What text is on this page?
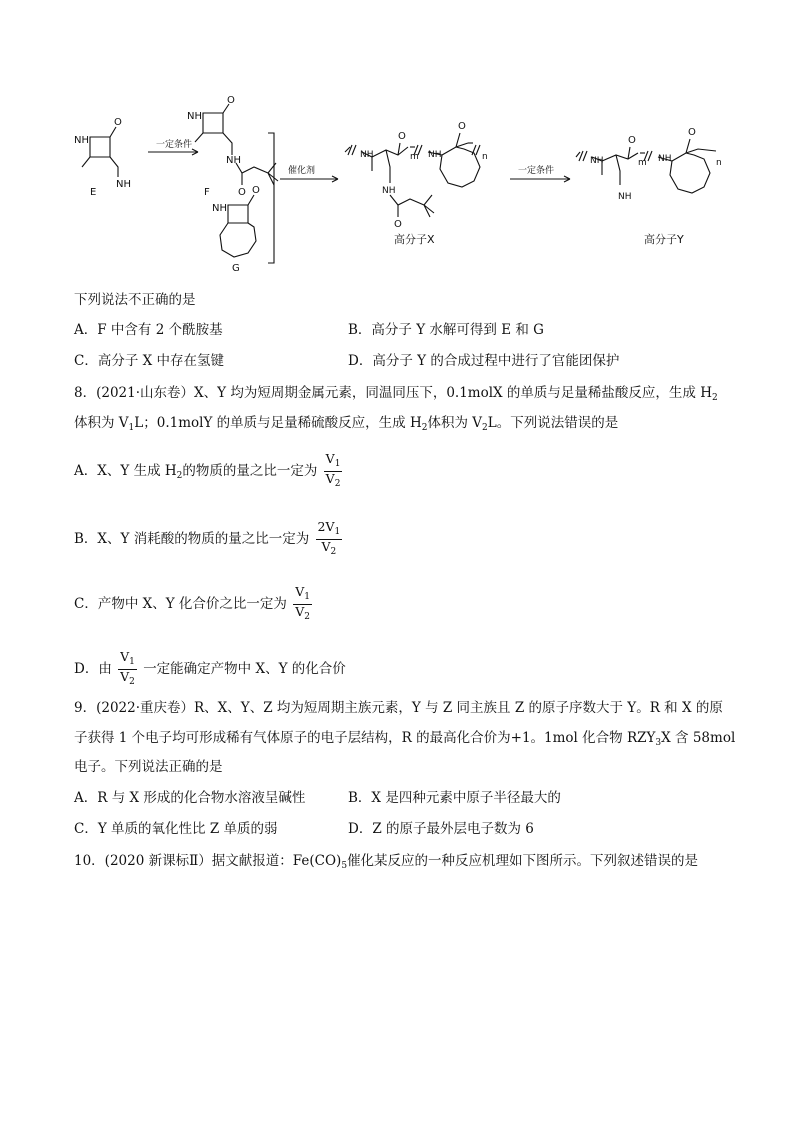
NH
O
NH
E
一定条件
NH
O
NH
O
F
NH
O
G
催化剂
NH
O
m
NH
O
NH
O
n
高分子X
一定条件
NH
O
m
NH
NH
O
n
高分子Y
下列说法不正确的是
A．F 中含有 2 个酰胺基	B．高分子 Y 水解可得到 E 和 G
C．高分子 X 中存在氢键	D．高分子 Y 的合成过程中进行了官能团保护
8．(2021·山东卷）X、Y 均为短周期金属元素，同温同压下，0.1molX 的单质与足量稀盐酸反应，生成 $H_2$
体积为 $V_1L$；0.1molY 的单质与足量稀硫酸反应，生成 $H_2$体积为 $V_2L$。下列说法错误的是
A．X、Y 生成 $H_2$的物质的量之比一定为 $\frac{V_1}{V_2}$
B．X、Y 消耗酸的物质的量之比一定为 $\frac{2V_1}{V_2}$
C．产物中 X、Y 化合价之比一定为 $\frac{V_1}{V_2}$
D．由 $\frac{V_1}{V_2}$ 一定能确定产物中 X、Y 的化合价
9．(2022·重庆卷）R、X、Y、Z 均为短周期主族元素，Y 与 Z 同主族且 Z 的原子序数大于 Y。R 和 X 的原
子获得 1 个电子均可形成稀有气体原子的电子层结构，R 的最高化合价为+1。1mol 化合物 $RZY_3X$ 含 58mol
电子。下列说法正确的是
A．R 与 X 形成的化合物水溶液呈碱性	B．X 是四种元素中原子半径最大的
C．Y 单质的氧化性比 Z 单质的弱	D．Z 的原子最外层电子数为 6
10．(2020 新课标Ⅱ）据文献报道：$Fe(CO)_5$催化某反应的一种反应机理如下图所示。下列叙述错误的是
